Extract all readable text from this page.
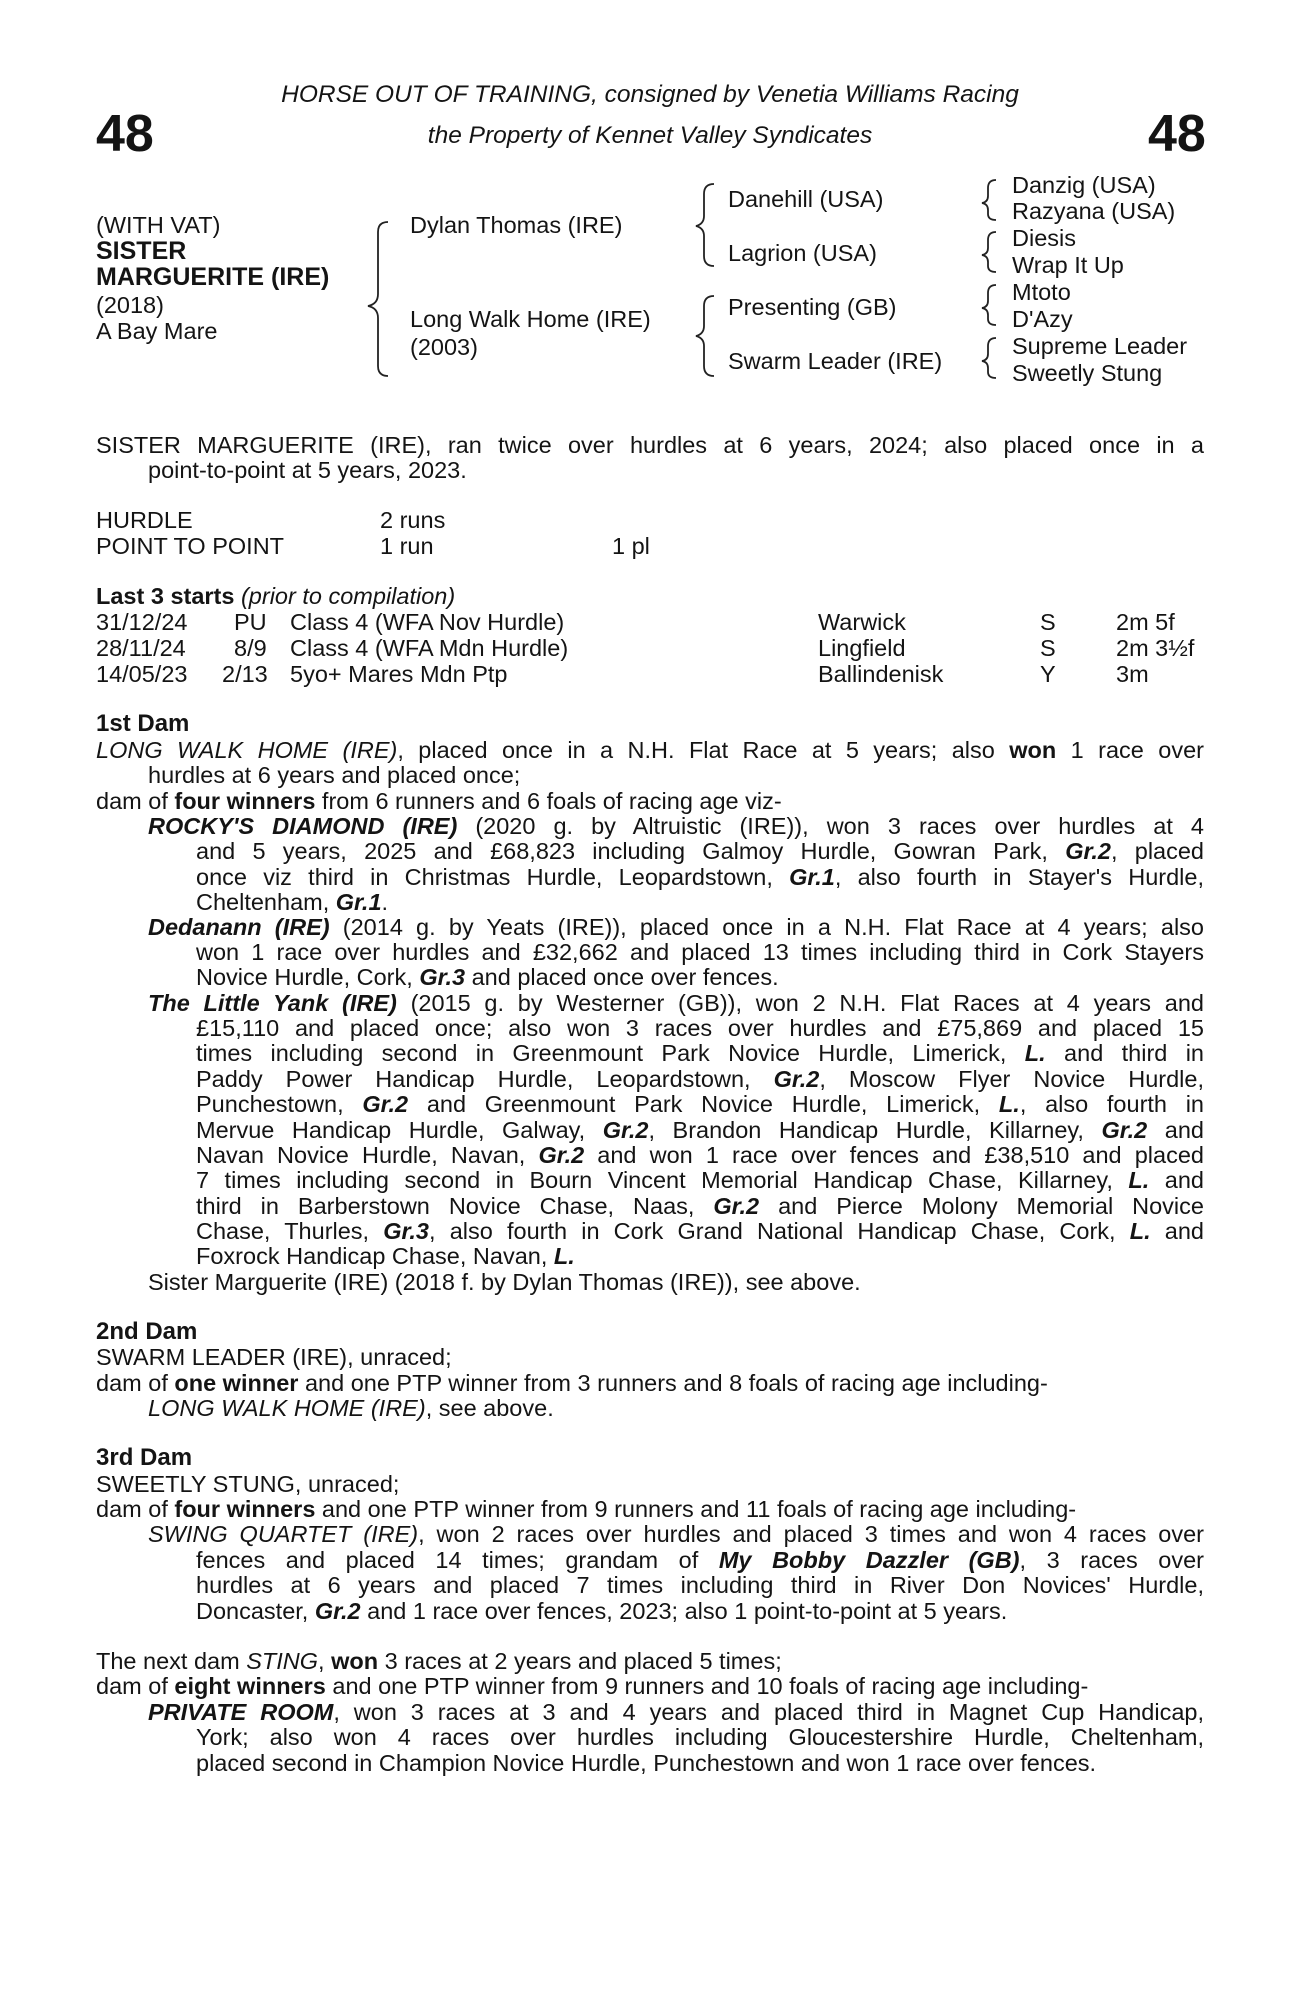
48	48
HORSE OUT OF TRAINING, consigned by Venetia Williams Racing
the Property of Kennet Valley Syndicates
(WITH VAT)
SISTER
MARGUERITE (IRE)
(2018)
A Bay Mare
Dylan Thomas (IRE)
Long Walk Home (IRE)
(2003)
Danehill (USA)
Lagrion (USA)
Presenting (GB)
Swarm Leader (IRE)
Danzig (USA)
Razyana (USA)
Diesis
Wrap It Up
Mtoto
D'Azy
Supreme Leader
Sweetly Stung
SISTER MARGUERITE (IRE), ran twice over hurdles at 6 years, 2024; also placed once in a
point-to-point at 5 years, 2023.
HURDLE	2 runs
POINT TO POINT	1 run	1 pl
Last 3 starts (prior to compilation)
31/12/24 PU Class 4 (WFA Nov Hurdle)	Warwick	S	2m 5f
28/11/24 8/9 Class 4 (WFA Mdn Hurdle)	Lingfield	S	2m 3½f
14/05/23 2/13 5yo+ Mares Mdn Ptp	Ballindenisk	Y	3m
1st Dam
LONG WALK HOME (IRE), placed once in a N.H. Flat Race at 5 years; also won 1 race over
hurdles at 6 years and placed once;
dam of four winners from 6 runners and 6 foals of racing age viz-
ROCKY'S DIAMOND (IRE) (2020 g. by Altruistic (IRE)), won 3 races over hurdles at 4
and 5 years, 2025 and £68,823 including Galmoy Hurdle, Gowran Park, Gr.2, placed
once viz third in Christmas Hurdle, Leopardstown, Gr.1, also fourth in Stayer's Hurdle,
Cheltenham, Gr.1.
Dedanann (IRE) (2014 g. by Yeats (IRE)), placed once in a N.H. Flat Race at 4 years; also
won 1 race over hurdles and £32,662 and placed 13 times including third in Cork Stayers
Novice Hurdle, Cork, Gr.3 and placed once over fences.
The Little Yank (IRE) (2015 g. by Westerner (GB)), won 2 N.H. Flat Races at 4 years and
£15,110 and placed once; also won 3 races over hurdles and £75,869 and placed 15
times including second in Greenmount Park Novice Hurdle, Limerick, L. and third in
Paddy Power Handicap Hurdle, Leopardstown, Gr.2, Moscow Flyer Novice Hurdle,
Punchestown, Gr.2 and Greenmount Park Novice Hurdle, Limerick, L., also fourth in
Mervue Handicap Hurdle, Galway, Gr.2, Brandon Handicap Hurdle, Killarney, Gr.2 and
Navan Novice Hurdle, Navan, Gr.2 and won 1 race over fences and £38,510 and placed
7 times including second in Bourn Vincent Memorial Handicap Chase, Killarney, L. and
third in Barberstown Novice Chase, Naas, Gr.2 and Pierce Molony Memorial Novice
Chase, Thurles, Gr.3, also fourth in Cork Grand National Handicap Chase, Cork, L. and
Foxrock Handicap Chase, Navan, L.
Sister Marguerite (IRE) (2018 f. by Dylan Thomas (IRE)), see above.
2nd Dam
SWARM LEADER (IRE), unraced;
dam of one winner and one PTP winner from 3 runners and 8 foals of racing age including-
LONG WALK HOME (IRE), see above.
3rd Dam
SWEETLY STUNG, unraced;
dam of four winners and one PTP winner from 9 runners and 11 foals of racing age including-
SWING QUARTET (IRE), won 2 races over hurdles and placed 3 times and won 4 races over
fences and placed 14 times; grandam of My Bobby Dazzler (GB), 3 races over
hurdles at 6 years and placed 7 times including third in River Don Novices' Hurdle,
Doncaster, Gr.2 and 1 race over fences, 2023; also 1 point-to-point at 5 years.
The next dam STING, won 3 races at 2 years and placed 5 times;
dam of eight winners and one PTP winner from 9 runners and 10 foals of racing age including-
PRIVATE ROOM, won 3 races at 3 and 4 years and placed third in Magnet Cup Handicap,
York; also won 4 races over hurdles including Gloucestershire Hurdle, Cheltenham,
placed second in Champion Novice Hurdle, Punchestown and won 1 race over fences.
